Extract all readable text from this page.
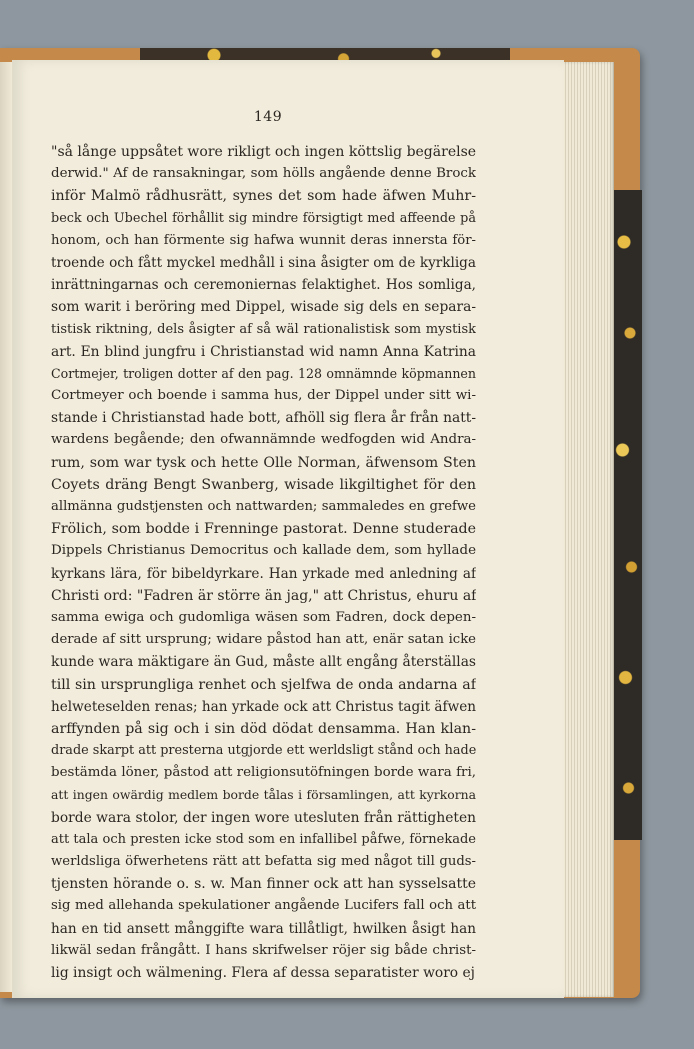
149
"så långe uppsåtet wore rikligt och ingen köttslig begärelse
derwid." Af de ransakningar, som hölls angående denne Brock
inför Malmö rådhusrätt, synes det som hade äfwen Muhr-
beck och Ubechel förhållit sig mindre försigtigt med affeende på
honom, och han förmente sig hafwa wunnit deras innersta för-
troende och fått myckel medhåll i sina åsigter om de kyrkliga
inrättningarnas och ceremoniernas felaktighet. Hos somliga,
som warit i beröring med Dippel, wisade sig dels en separa-
tistisk riktning, dels åsigter af så wäl rationalistisk som mystisk
art. En blind jungfru i Christianstad wid namn Anna Katrina
Cortmejer, troligen dotter af den pag. 128 omnämnde köpmannen
Cortmeyer och boende i samma hus, der Dippel under sitt wi-
stande i Christianstad hade bott, afhöll sig flera år från natt-
wardens begående; den ofwannämnde wedfogden wid Andra-
rum, som war tysk och hette Olle Norman, äfwensom Sten
Coyets dräng Bengt Swanberg, wisade likgiltighet för den
allmänna gudstjensten och nattwarden; sammaledes en grefwe
Frölich, som bodde i Frenninge pastorat. Denne studerade
Dippels Christianus Democritus och kallade dem, som hyllade
kyrkans lära, för bibeldyrkare. Han yrkade med anledning af
Christi ord: "Fadren är större än jag," att Christus, ehuru af
samma ewiga och gudomliga wäsen som Fadren, dock depen-
derade af sitt ursprung; widare påstod han att, enär satan icke
kunde wara mäktigare än Gud, måste allt engång återställas
till sin ursprungliga renhet och sjelfwa de onda andarna af
helweteselden renas; han yrkade ock att Christus tagit äfwen
arffynden på sig och i sin död dödat densamma. Han klan-
drade skarpt att presterna utgjorde ett werldsligt stånd och hade
bestämda löner, påstod att religionsutöfningen borde wara fri,
att ingen owärdig medlem borde tålas i församlingen, att kyrkorna
borde wara stolor, der ingen wore utesluten från rättigheten
att tala och presten icke stod som en infallibel påfwe, förnekade
werldsliga öfwerhetens rätt att befatta sig med något till guds-
tjensten hörande o. s. w. Man finner ock att han sysselsatte
sig med allehanda spekulationer angående Lucifers fall och att
han en tid ansett månggifte wara tillåtligt, hwilken åsigt han
likwäl sedan frångått. I hans skrifwelser röjer sig både christ-
lig insigt och wälmening. Flera af dessa separatister woro ej
